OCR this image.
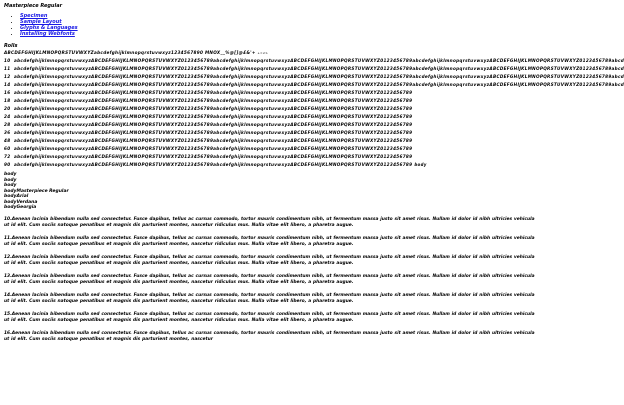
Masterpiece Regular
• Specimen
• Sample Layout
• Glyphs & Languages
• Installing Webfonts
Rolls
ABCDEFGHIJKLMNOPQRSTUVWXYZabcdefghijklmnopqrstuvwxyz1234567890 MNOX__%@[]@£&'+ +=<>
10 abcdefghijklmnopqrstuvwxyzABCDEFGHIJKLMNOPQRSTUVWXYZ0123456789abcdefghijklmnopqrstuvwxyzABCDEFGHIJKLMNOPQRSTUVWXYZ0123456789abcdefghijklmnopqrstuvwxyzABCDEFGHIJKLMNOPQRSTUVWXYZ0123456789abcd
11 abcdefghijklmnopqrstuvwxyzABCDEFGHIJKLMNOPQRSTUVWXYZ0123456789abcdefghijklmnopqrstuvwxyzABCDEFGHIJKLMNOPQRSTUVWXYZ0123456789abcdefghijklmnopqrstuvwxyzABCDEFGHIJKLMNOPQRSTUVWXYZ0123456789abcd
12 abcdefghijklmnopqrstuvwxyzABCDEFGHIJKLMNOPQRSTUVWXYZ0123456789abcdefghijklmnopqrstuvwxyzABCDEFGHIJKLMNOPQRSTUVWXYZ0123456789abcdefghijklmnopqrstuvwxyzABCDEFGHIJKLMNOPQRSTUVWXYZ0123456789abcd
14 abcdefghijklmnopqrstuvwxyzABCDEFGHIJKLMNOPQRSTUVWXYZ0123456789abcdefghijklmnopqrstuvwxyzABCDEFGHIJKLMNOPQRSTUVWXYZ0123456789abcdefghijklmnopqrstuvwxyzABCDEFGHIJKLMNOPQRSTUVWXYZ0123456789abcd
16 abcdefghijklmnopqrstuvwxyzABCDEFGHIJKLMNOPQRSTUVWXYZ0123456789abcdefghijklmnopqrstuvwxyzABCDEFGHIJKLMNOPQRSTUVWXYZ0123456789
18 abcdefghijklmnopqrstuvwxyzABCDEFGHIJKLMNOPQRSTUVWXYZ0123456789abcdefghijklmnopqrstuvwxyzABCDEFGHIJKLMNOPQRSTUVWXYZ0123456789
20 abcdefghijklmnopqrstuvwxyzABCDEFGHIJKLMNOPQRSTUVWXYZ0123456789abcdefghijklmnopqrstuvwxyzABCDEFGHIJKLMNOPQRSTUVWXYZ0123456789
24 abcdefghijklmnopqrstuvwxyzABCDEFGHIJKLMNOPQRSTUVWXYZ0123456789abcdefghijklmnopqrstuvwxyzABCDEFGHIJKLMNOPQRSTUVWXYZ0123456789
28 abcdefghijklmnopqrstuvwxyzABCDEFGHIJKLMNOPQRSTUVWXYZ0123456789abcdefghijklmnopqrstuvwxyzABCDEFGHIJKLMNOPQRSTUVWXYZ0123456789
36 abcdefghijklmnopqrstuvwxyzABCDEFGHIJKLMNOPQRSTUVWXYZ0123456789abcdefghijklmnopqrstuvwxyzABCDEFGHIJKLMNOPQRSTUVWXYZ0123456789
48 abcdefghijklmnopqrstuvwxyzABCDEFGHIJKLMNOPQRSTUVWXYZ0123456789abcdefghijklmnopqrstuvwxyzABCDEFGHIJKLMNOPQRSTUVWXYZ0123456789
60 abcdefghijklmnopqrstuvwxyzABCDEFGHIJKLMNOPQRSTUVWXYZ0123456789abcdefghijklmnopqrstuvwxyzABCDEFGHIJKLMNOPQRSTUVWXYZ0123456789
72 abcdefghijklmnopqrstuvwxyzABCDEFGHIJKLMNOPQRSTUVWXYZ0123456789abcdefghijklmnopqrstuvwxyzABCDEFGHIJKLMNOPQRSTUVWXYZ0123456789
90 abcdefghijklmnopqrstuvwxyzABCDEFGHIJKLMNOPQRSTUVWXYZ0123456789abcdefghijklmnopqrstuvwxyzABCDEFGHIJKLMNOPQRSTUVWXYZ0123456789 body
body
body
body
bodyMasterpiece Regular
bodyArial
bodyVerdana
bodyGeorgia

10.Aenean lacinia bibendum nulla sed consectetur. Fusce dapibus, tellus ac cursus commodo, tortor mauris condimentum nibh, ut fermentum massa justo sit amet risus. Nullam id dolor id nibh ultricies vehicula ut id elit. Cum sociis natoque penatibus et magnis dis parturient montes, nascetur ridiculus mus. Nulla vitae elit libero, a pharetra augue.

11.Aenean lacinia bibendum nulla sed consectetur. Fusce dapibus, tellus ac cursus commodo, tortor mauris condimentum nibh, ut fermentum massa justo sit amet risus. Nullam id dolor id nibh ultricies vehicula ut id elit. Cum sociis natoque penatibus et magnis dis parturient montes, nascetur ridiculus mus. Nulla vitae elit libero, a pharetra augue.

12.Aenean lacinia bibendum nulla sed consectetur. Fusce dapibus, tellus ac cursus commodo, tortor mauris condimentum nibh, ut fermentum massa justo sit amet risus. Nullam id dolor id nibh ultricies vehicula ut id elit. Cum sociis natoque penatibus et magnis dis parturient montes, nascetur ridiculus mus. Nulla vitae elit libero, a pharetra augue.

13.Aenean lacinia bibendum nulla sed consectetur. Fusce dapibus, tellus ac cursus commodo, tortor mauris condimentum nibh, ut fermentum massa justo sit amet risus. Nullam id dolor id nibh ultricies vehicula ut id elit. Cum sociis natoque penatibus et magnis dis parturient montes, nascetur ridiculus mus. Nulla vitae elit libero, a pharetra augue.

14.Aenean lacinia bibendum nulla sed consectetur. Fusce dapibus, tellus ac cursus commodo, tortor mauris condimentum nibh, ut fermentum massa justo sit amet risus. Nullam id dolor id nibh ultricies vehicula ut id elit. Cum sociis natoque penatibus et magnis dis parturient montes, nascetur ridiculus mus. Nulla vitae elit libero, a pharetra augue.

15.Aenean lacinia bibendum nulla sed consectetur. Fusce dapibus, tellus ac cursus commodo, tortor mauris condimentum nibh, ut fermentum massa justo sit amet risus. Nullam id dolor id nibh ultricies vehicula ut id elit. Cum sociis natoque penatibus et magnis dis parturient montes, nascetur ridiculus mus. Nulla vitae elit libero, a pharetra augue.

16.Aenean lacinia bibendum nulla sed consectetur. Fusce dapibus, tellus ac cursus commodo, tortor mauris condimentum nibh, ut fermentum massa justo sit amet risus. Nullam id dolor id nibh ultricies vehicula ut id elit. Cum sociis natoque penatibus et magnis dis parturient montes, nascetur
